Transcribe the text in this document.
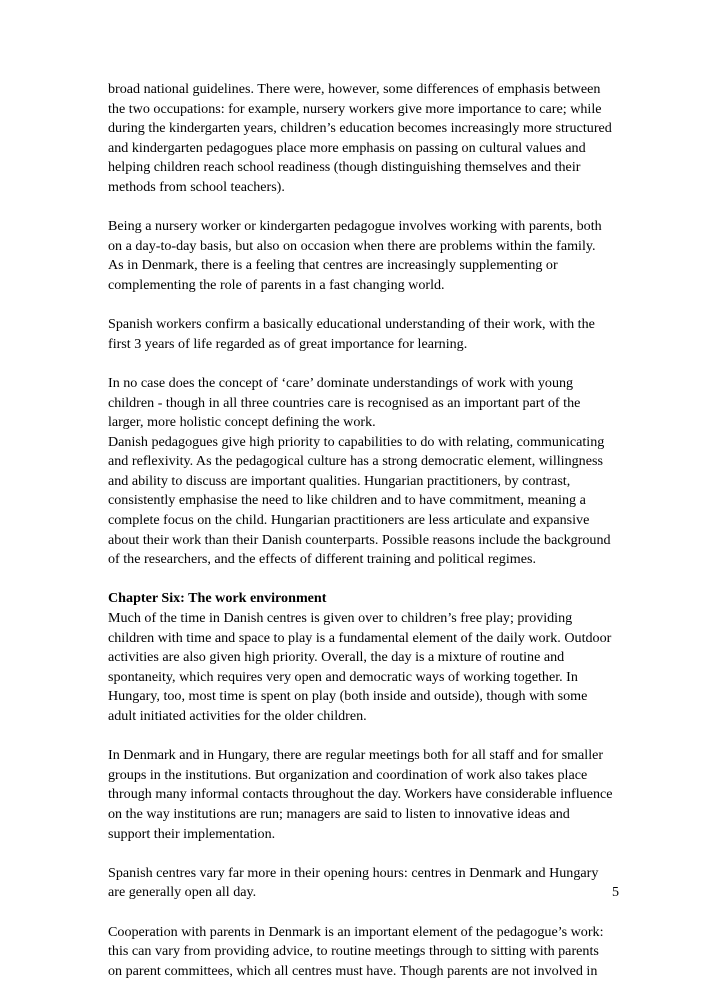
broad national guidelines. There were, however, some differences of emphasis between
the two occupations: for example, nursery workers give more importance to care; while
during the kindergarten years, children’s education becomes increasingly more structured
and kindergarten pedagogues place more emphasis on passing on cultural values and
helping children reach school readiness (though distinguishing themselves and their
methods from school teachers).

Being a nursery worker or kindergarten pedagogue involves working with parents, both
on a day-to-day basis, but also on occasion when there are problems within the family.
As in Denmark, there is a feeling that centres are increasingly supplementing or
complementing the role of parents in a fast changing world.

Spanish workers confirm a basically educational understanding of their work, with the
first 3 years of life regarded as of great importance for learning.

In no case does the concept of ‘care’ dominate understandings of work with young
children - though in all three countries care is recognised as an important part of the
larger, more holistic concept defining the work.
Danish pedagogues give high priority to capabilities to do with relating, communicating
and reflexivity. As the pedagogical culture has a strong democratic element, willingness
and ability to discuss are important qualities. Hungarian practitioners, by contrast,
consistently emphasise the need to like children and to have commitment, meaning a
complete focus on the child. Hungarian practitioners are less articulate and expansive
about their work than their Danish counterparts. Possible reasons include the background
of the researchers, and the effects of different training and political regimes.

Chapter Six: The work environment
Much of the time in Danish centres is given over to children’s free play; providing
children with time and space to play is a fundamental element of the daily work. Outdoor
activities are also given high priority. Overall, the day is a mixture of routine and
spontaneity, which requires very open and democratic ways of working together. In
Hungary, too, most time is spent on play (both inside and outside), though with some
adult initiated activities for the older children.

In Denmark and in Hungary, there are regular meetings both for all staff and for smaller
groups in the institutions. But organization and coordination of work also takes place
through many informal contacts throughout the day. Workers have considerable influence
on the way institutions are run; managers are said to listen to innovative ideas and
support their implementation.

Spanish centres vary far more in their opening hours: centres in Denmark and Hungary
are generally open all day.

Cooperation with parents in Denmark is an important element of the pedagogue’s work:
this can vary from providing advice, to routine meetings through to sitting with parents
on parent committees, which all centres must have. Though parents are not involved in

5
